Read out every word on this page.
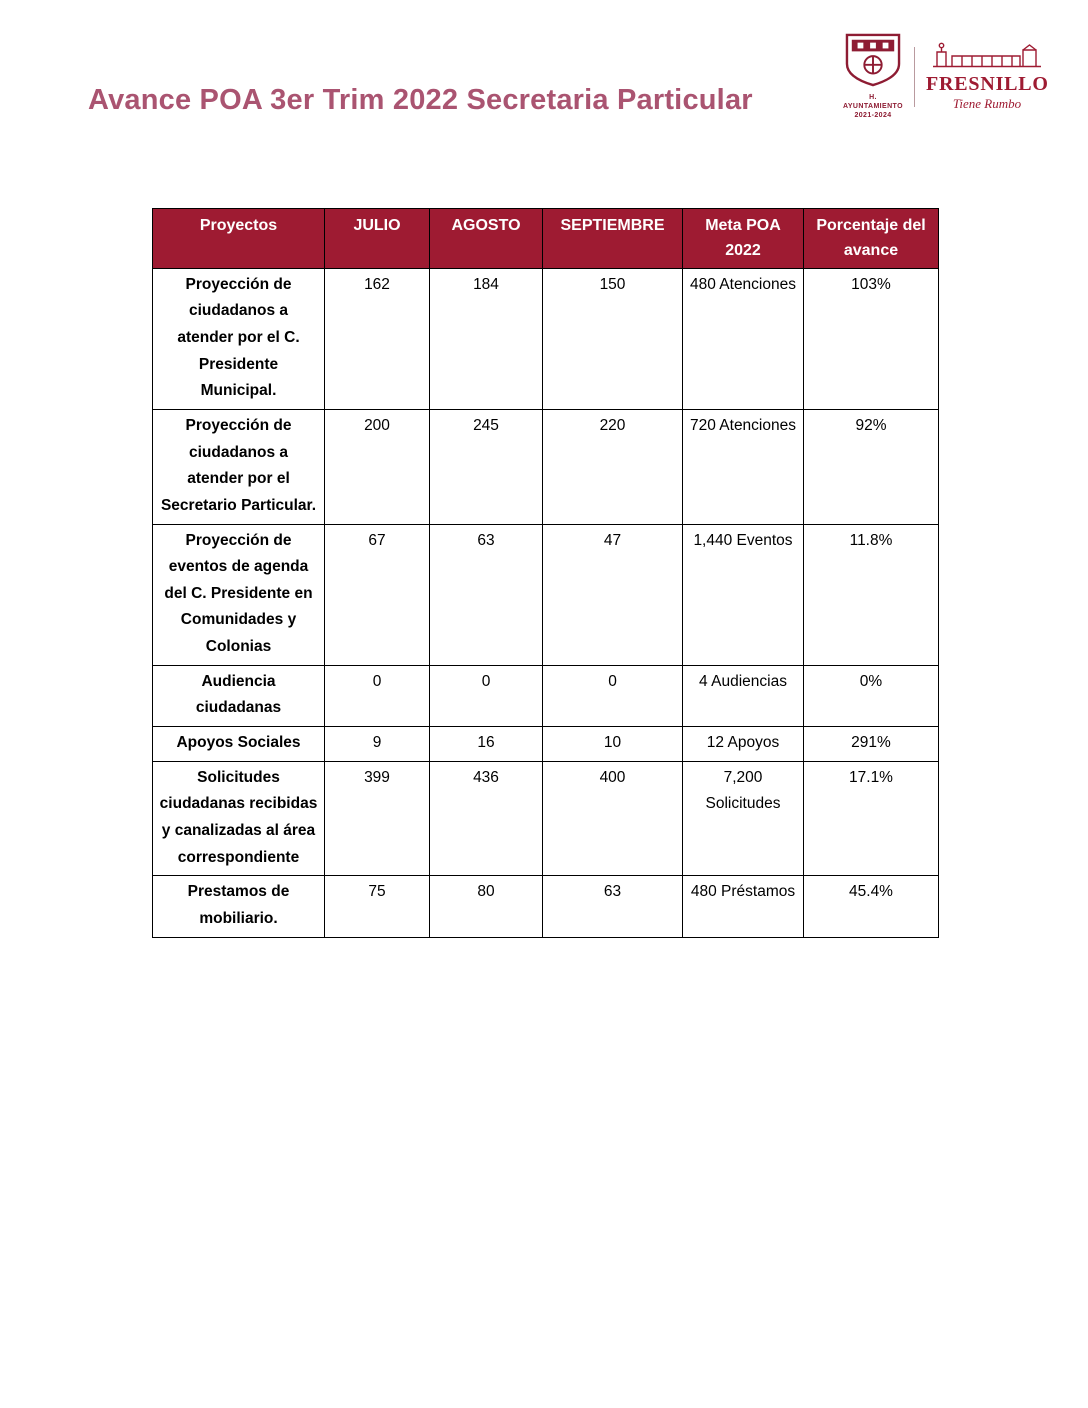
Avance POA 3er Trim 2022 Secretaria Particular	H. AYUNTAMIENTO
2021-2024
FRESNILLO
Tiene Rumbo
Proyectos	JULIO	AGOSTO	SEPTIEMBRE	Meta POA 2022	Porcentaje del avance
Proyección de ciudadanos a atender por el C. Presidente Municipal.	162	184	150	480 Atenciones	103%
Proyección de ciudadanos a atender por el Secretario Particular.	200	245	220	720 Atenciones	92%
Proyección de eventos de agenda del C. Presidente en Comunidades y Colonias	67	63	47	1,440 Eventos	11.8%
Audiencia ciudadanas	0	0	0	4 Audiencias	0%
Apoyos Sociales	9	16	10	12 Apoyos	291%
Solicitudes ciudadanas recibidas y canalizadas al área correspondiente	399	436	400	7,200 Solicitudes	17.1%
Prestamos de mobiliario.	75	80	63	480 Préstamos	45.4%
